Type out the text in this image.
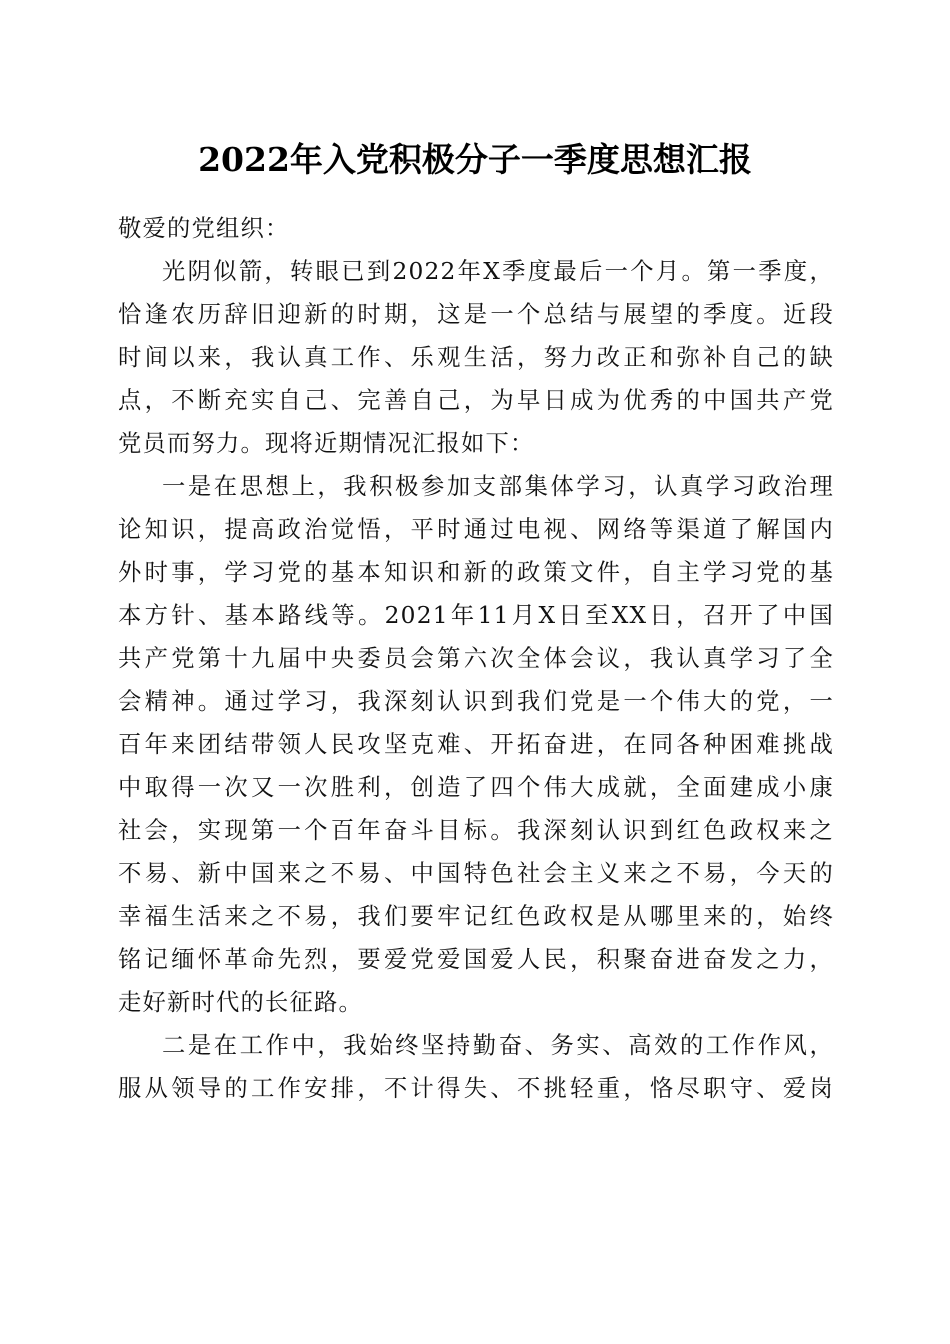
2022年入党积极分子一季度思想汇报
敬爱的党组织：
光阴似箭，转眼已到2022年X季度最后一个月。第一季度，
恰逢农历辞旧迎新的时期，这是一个总结与展望的季度。近段
时间以来，我认真工作、乐观生活，努力改正和弥补自己的缺
点，不断充实自己、完善自己，为早日成为优秀的中国共产党
党员而努力。现将近期情况汇报如下：
一是在思想上，我积极参加支部集体学习，认真学习政治理
论知识，提高政治觉悟，平时通过电视、网络等渠道了解国内
外时事，学习党的基本知识和新的政策文件，自主学习党的基
本方针、基本路线等。2021年11月X日至XX日，召开了中国
共产党第十九届中央委员会第六次全体会议，我认真学习了全
会精神。通过学习，我深刻认识到我们党是一个伟大的党，一
百年来团结带领人民攻坚克难、开拓奋进，在同各种困难挑战
中取得一次又一次胜利，创造了四个伟大成就，全面建成小康
社会，实现第一个百年奋斗目标。我深刻认识到红色政权来之
不易、新中国来之不易、中国特色社会主义来之不易，今天的
幸福生活来之不易，我们要牢记红色政权是从哪里来的，始终
铭记缅怀革命先烈，要爱党爱国爱人民，积聚奋进奋发之力，
走好新时代的长征路。
二是在工作中，我始终坚持勤奋、务实、高效的工作作风，
服从领导的工作安排，不计得失、不挑轻重，恪尽职守、爱岗
